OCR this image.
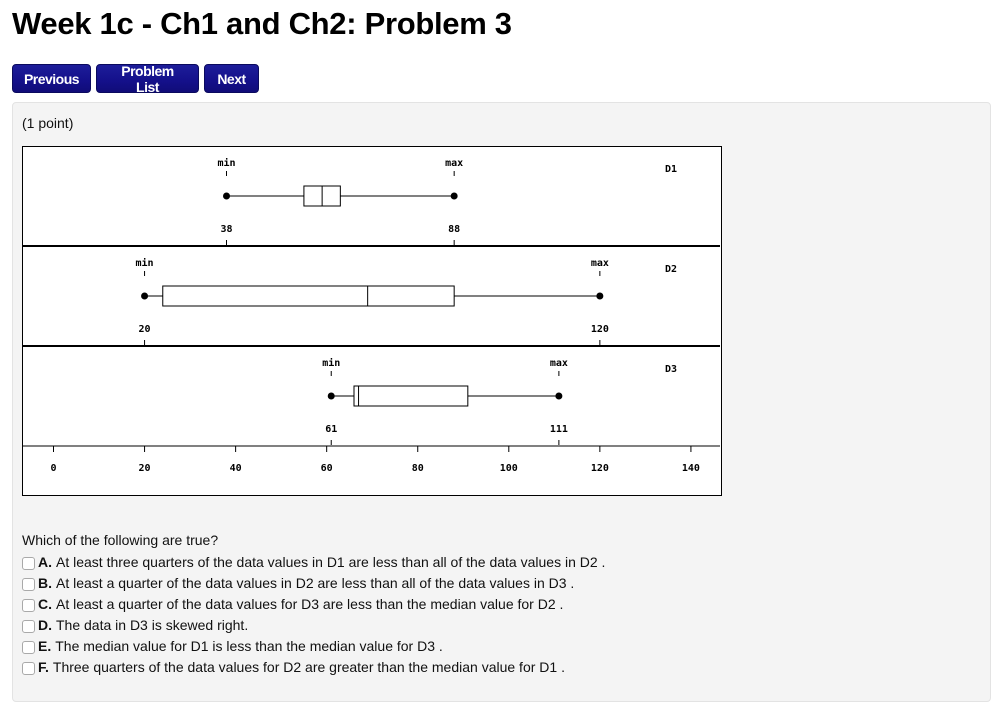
Week 1c - Ch1 and Ch2: Problem 3
Previous	Problem List	Next
(1 point)
D1
min	max
38	88
D2
min	max
20	120
D3
min	max
61	111
0	20	40	60	80	100	120	140
Which of the following are true?
A. At least three quarters of the data values in D1 are less than all of the data values in D2 .
B. At least a quarter of the data values in D2 are less than all of the data values in D3 .
C. At least a quarter of the data values for D3 are less than the median value for D2 .
D. The data in D3 is skewed right.
E. The median value for D1 is less than the median value for D3 .
F. Three quarters of the data values for D2 are greater than the median value for D1 .
